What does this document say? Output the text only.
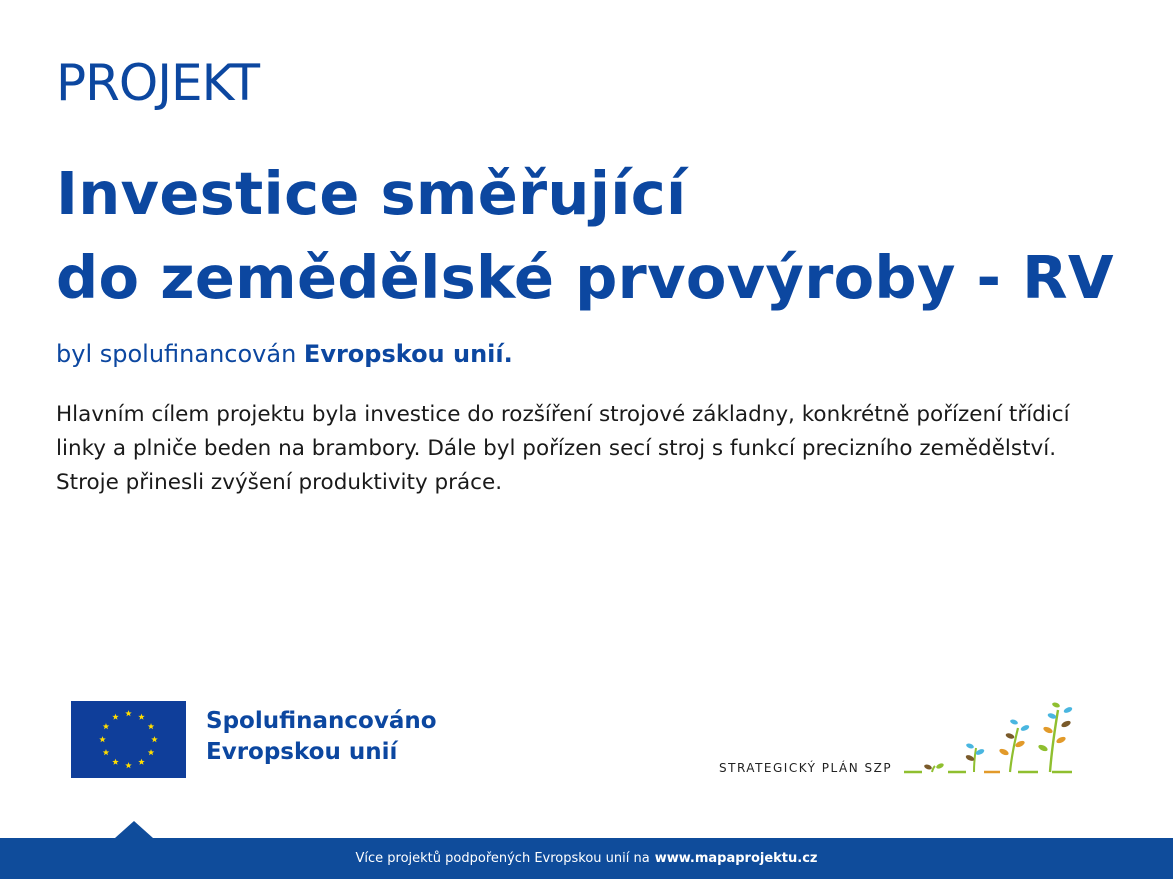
PROJEKT
Investice směřující
do zemědělské prvovýroby - RV
byl spolufinancován Evropskou unií.

Hlavním cílem projektu byla investice do rozšíření strojové základny, konkrétně pořízení třídicí linky a plniče beden na brambory. Dále byl pořízen secí stroj s funkcí precizního zemědělství. Stroje přinesli zvýšení produktivity práce.

Spolufinancováno
Evropskou unií
STRATEGICKÝ PLÁN SZP
Více projektů podpořených Evropskou unií na www.mapaprojektu.cz
